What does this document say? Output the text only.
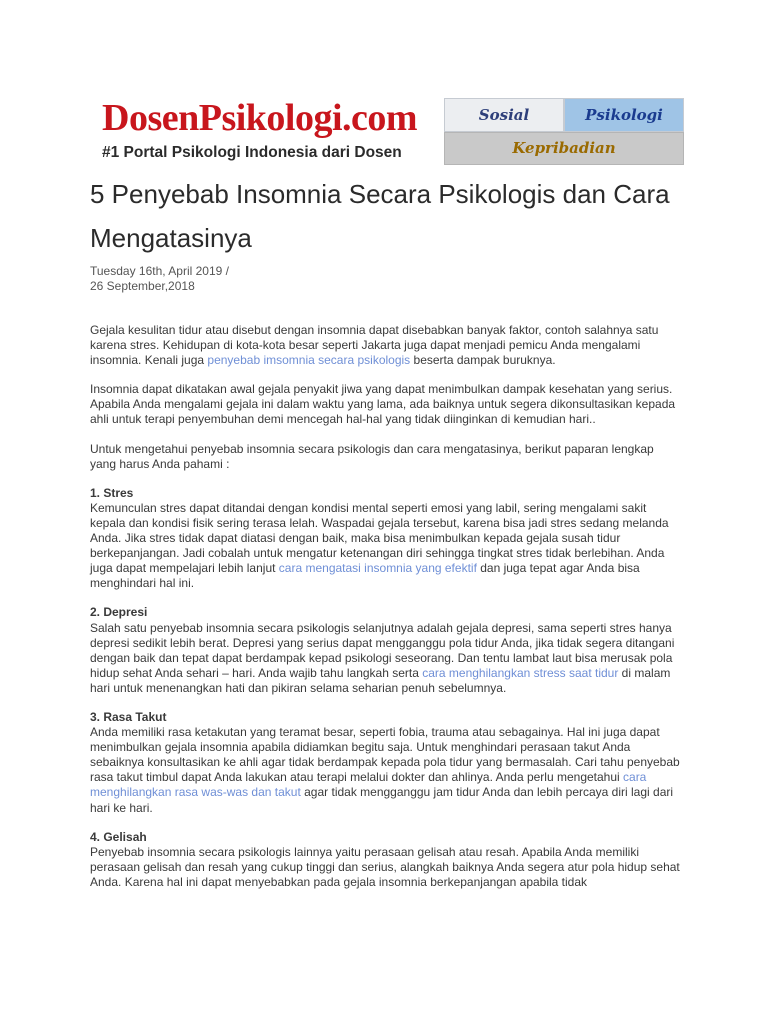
DosenPsikologi.com
#1 Portal Psikologi Indonesia dari Dosen
Sosial	Psikologi
Kepribadian
5 Penyebab Insomnia Secara Psikologis dan Cara Mengatasinya
Tuesday 16th, April 2019 /
26 September,2018

Gejala kesulitan tidur atau disebut dengan insomnia dapat disebabkan banyak faktor, contoh salahnya satu karena stres. Kehidupan di kota-kota besar seperti Jakarta juga dapat menjadi pemicu Anda mengalami insomnia. Kenali juga penyebab imsomnia secara psikologis beserta dampak buruknya.

Insomnia dapat dikatakan awal gejala penyakit jiwa yang dapat menimbulkan dampak kesehatan yang serius. Apabila Anda mengalami gejala ini dalam waktu yang lama, ada baiknya untuk segera dikonsultasikan kepada ahli untuk terapi penyembuhan demi mencegah hal-hal yang tidak diinginkan di kemudian hari..

Untuk mengetahui penyebab insomnia secara psikologis dan cara mengatasinya, berikut paparan lengkap yang harus Anda pahami :

1. Stres
Kemunculan stres dapat ditandai dengan kondisi mental seperti emosi yang labil, sering mengalami sakit kepala dan kondisi fisik sering terasa lelah. Waspadai gejala tersebut, karena bisa jadi stres sedang melanda Anda. Jika stres tidak dapat diatasi dengan baik, maka bisa menimbulkan kepada gejala susah tidur berkepanjangan. Jadi cobalah untuk mengatur ketenangan diri sehingga tingkat stres tidak berlebihan. Anda juga dapat mempelajari lebih lanjut cara mengatasi insomnia yang efektif dan juga tepat agar Anda bisa menghindari hal ini.
2. Depresi
Salah satu penyebab insomnia secara psikologis selanjutnya adalah gejala depresi, sama seperti stres hanya depresi sedikit lebih berat. Depresi yang serius dapat mengganggu pola tidur Anda, jika tidak segera ditangani dengan baik dan tepat dapat berdampak kepad psikologi seseorang. Dan tentu lambat laut bisa merusak pola hidup sehat Anda sehari – hari. Anda wajib tahu langkah serta cara menghilangkan stress saat tidur di malam hari untuk menenangkan hati dan pikiran selama seharian penuh sebelumnya.
3. Rasa Takut
Anda memiliki rasa ketakutan yang teramat besar, seperti fobia, trauma atau sebagainya. Hal ini juga dapat menimbulkan gejala insomnia apabila didiamkan begitu saja. Untuk menghindari perasaan takut Anda sebaiknya konsultasikan ke ahli agar tidak berdampak kepada pola tidur yang bermasalah. Cari tahu penyebab rasa takut timbul dapat Anda lakukan atau terapi melalui dokter dan ahlinya. Anda perlu mengetahui cara menghilangkan rasa was-was dan takut agar tidak mengganggu jam tidur Anda dan lebih percaya diri lagi dari hari ke hari.
4. Gelisah
Penyebab insomnia secara psikologis lainnya yaitu perasaan gelisah atau resah. Apabila Anda memiliki perasaan gelisah dan resah yang cukup tinggi dan serius, alangkah baiknya Anda segera atur pola hidup sehat Anda. Karena hal ini dapat menyebabkan pada gejala insomnia berkepanjangan apabila tidak
